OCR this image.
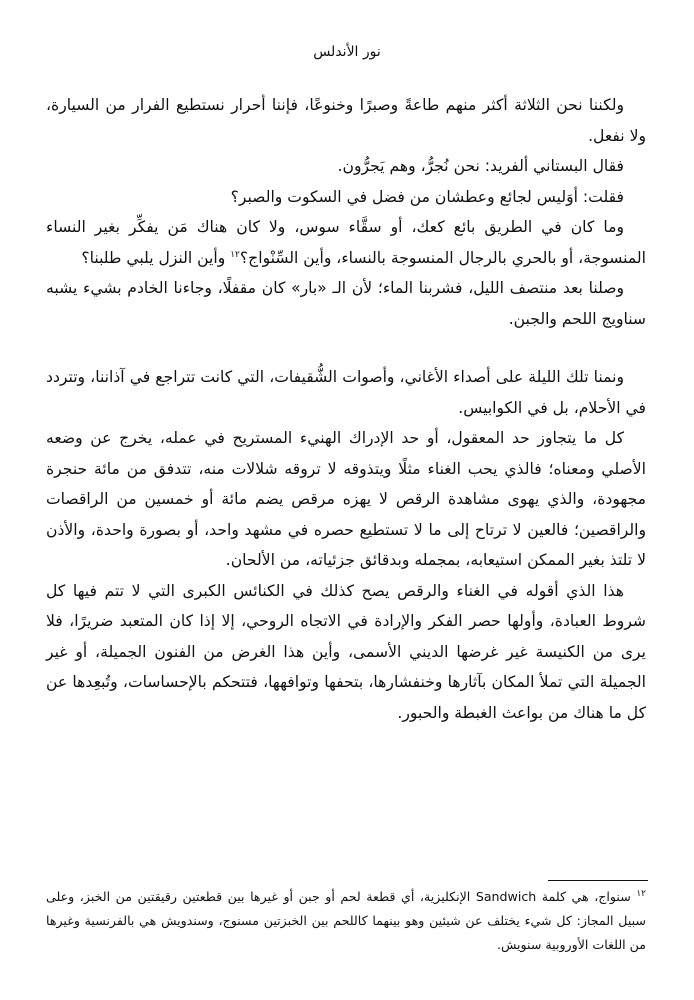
نور الأندلس

ولكننا نحن الثلاثة أكثر منهم طاعةً وصبرًا وخنوعًا، فإننا أحرار نستطيع الفرار من السيارة، ولا نفعل.

فقال البستاني ألفريد: نحن نُجرُّ، وهم يَجرُّون.

فقلت: أوَليس لجائع وعطشان من فضل في السكوت والصبر؟

وما كان في الطريق بائع كعك، أو سقَّاء سوس، ولا كان هناك مَن يفكِّر بغير النساء المنسوجة، أو بالحري بالرجال المنسوجة بالنساء، وأين السِّنْواج؟$^{١٢}$ وأين النزل يلبي طلبنا؟

وصلنا بعد منتصف الليل، فشربنا الماء؛ لأن الـ «بار» كان مقفلًا، وجاءنا الخادم بشيء يشبه سناويج اللحم والجبن.

ونمنا تلك الليلة على أصداء الأغاني، وأصوات الشُّقيفات، التي كانت تتراجع في آذاننا، وتتردد في الأحلام، بل في الكوابيس.

كل ما يتجاوز حد المعقول، أو حد الإدراك الهنيء المستريح في عمله، يخرج عن وضعه الأصلي ومعناه؛ فالذي يحب الغناء مثلًا ويتذوقه لا تروقه شلالات منه، تتدفق من مائة حنجرة مجهودة، والذي يهوى مشاهدة الرقص لا يهزه مرقص يضم مائة أو خمسين من الراقصات والراقصين؛ فالعين لا ترتاح إلى ما لا تستطيع حصره في مشهد واحد، أو بصورة واحدة، والأذن لا تلتذ بغير الممكن استيعابه، بمجمله وبدقائق جزئياته، من الألحان.

هذا الذي أقوله في الغناء والرقص يصح كذلك في الكنائس الكبرى التي لا تتم فيها كل شروط العبادة، وأولها حصر الفكر والإرادة في الاتجاه الروحي، إلا إذا كان المتعبد ضريرًا، فلا يرى من الكنيسة غير غرضها الديني الأسمى، وأين هذا الغرض من الفنون الجميلة، أو غير الجميلة التي تملأ المكان بآثارها وخنفشارها، بتحفها وتوافهها، فتتحكم بالإحساسات، وتُبعِدها عن كل ما هناك من بواعث الغبطة والحبور.

$^{١٢}$ سنواج، هي كلمة Sandwich الإنكليزية، أي قطعة لحم أو جبن أو غيرها بين قطعتين رقيقتين من الخبز، وعلى سبيل المجاز: كل شيء يختلف عن شيئين وهو بينهما كاللحم بين الخبزتين مسنوج، وسندويش هي بالفرنسية وغيرها من اللغات الأوروبية سنويش.
